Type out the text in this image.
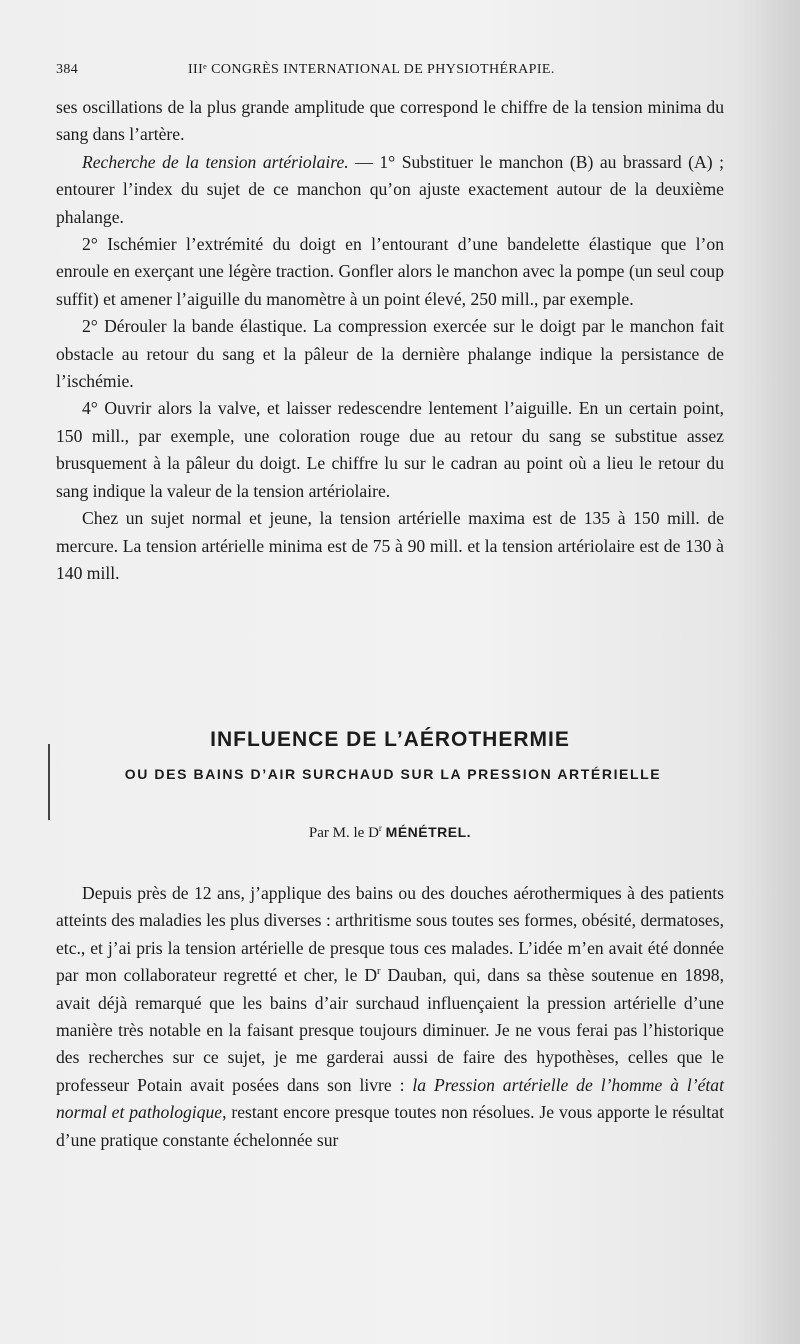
384	IIIᵉ CONGRÈS INTERNATIONAL DE PHYSIOTHÉRAPIE.

ses oscillations de la plus grande amplitude que correspond le chiffre de la tension minima du sang dans l’artère.

Recherche de la tension artériolaire. — 1° Substituer le manchon (B) au brassard (A) ; entourer l’index du sujet de ce manchon qu’on ajuste exactement autour de la deuxième phalange.

2° Ischémier l’extrémité du doigt en l’entourant d’une bandelette élastique que l’on enroule en exerçant une légère traction. Gonfler alors le manchon avec la pompe (un seul coup suffit) et amener l’aiguille du manomètre à un point élevé, 250 mill., par exemple.

2° Dérouler la bande élastique. La compression exercée sur le doigt par le manchon fait obstacle au retour du sang et la pâleur de la dernière phalange indique la persistance de l’ischémie.

4° Ouvrir alors la valve, et laisser redescendre lentement l’aiguille. En un certain point, 150 mill., par exemple, une coloration rouge due au retour du sang se substitue assez brusquement à la pâleur du doigt. Le chiffre lu sur le cadran au point où a lieu le retour du sang indique la valeur de la tension artériolaire.

Chez un sujet normal et jeune, la tension artérielle maxima est de 135 à 150 mill. de mercure. La tension artérielle minima est de 75 à 90 mill. et la tension artériolaire est de 130 à 140 mill.

INFLUENCE DE L’AÉROTHERMIE
OU DES BAINS D’AIR SURCHAUD SUR LA PRESSION ARTÉRIELLE
Par M. le $D^r$ MÉNÉTREL.

Depuis près de 12 ans, j’applique des bains ou des douches aérothermiques à des patients atteints des maladies les plus diverses : arthritisme sous toutes ses formes, obésité, dermatoses, etc., et j’ai pris la tension artérielle de presque tous ces malades. L’idée m’en avait été donnée par mon collaborateur regretté et cher, le $D^r$ Dauban, qui, dans sa thèse soutenue en 1898, avait déjà remarqué que les bains d’air surchaud influençaient la pression artérielle d’une manière très notable en la faisant presque toujours diminuer. Je ne vous ferai pas l’historique des recherches sur ce sujet, je me garderai aussi de faire des hypothèses, celles que le professeur Potain avait posées dans son livre : la Pression artérielle de l’homme à l’état normal et pathologique, restant encore presque toutes non résolues. Je vous apporte le résultat d’une pratique constante échelonnée sur
